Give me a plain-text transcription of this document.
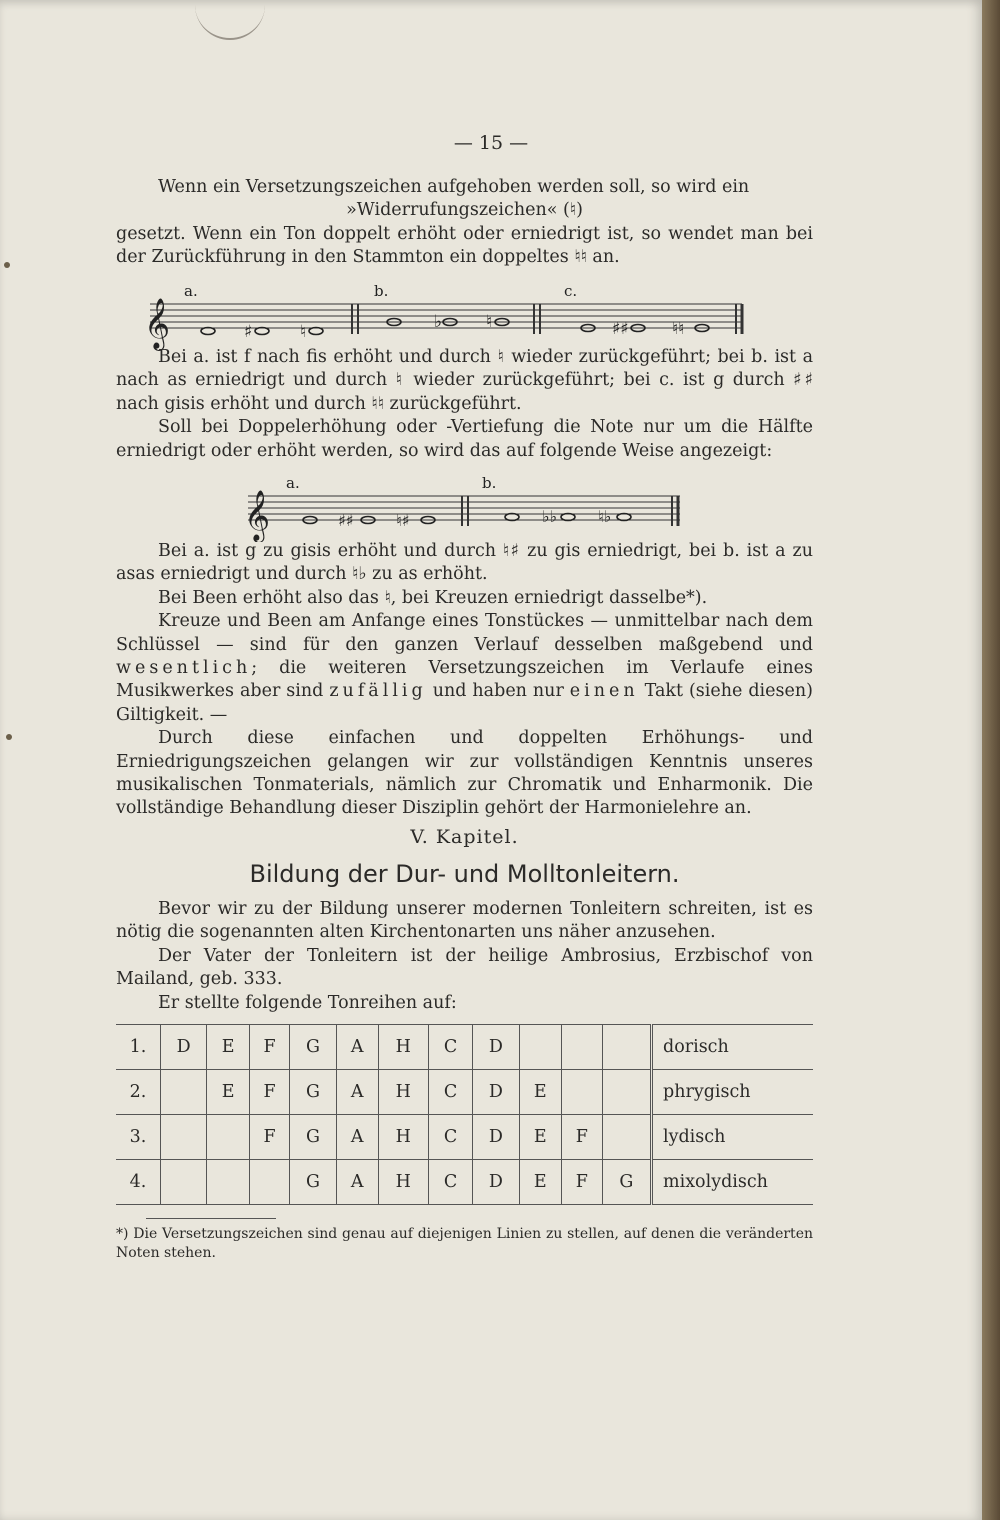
— 15 —

Wenn ein Versetzungszeichen aufgehoben werden soll, so wird ein

»Widerrufungszeichen« (♮)

gesetzt. Wenn ein Ton doppelt erhöht oder erniedrigt ist, so wendet man bei der Zurückführung in den Stammton ein doppeltes ♮♮ an.

𝄞
a.	b.	c.
♯	♮	♭	♮	♯♯	♮♮

Bei a. ist f nach fis erhöht und durch ♮ wieder zurückgeführt; bei b. ist a nach as erniedrigt und durch ♮ wieder zurückgeführt; bei c. ist g durch ♯♯ nach gisis erhöht und durch ♮♮ zurückgeführt.

Soll bei Doppelerhöhung oder -Vertiefung die Note nur um die Hälfte erniedrigt oder erhöht werden, so wird das auf folgende Weise angezeigt:

𝄞
a.	b.
♯♯	♮♯	♭♭	♮♭

Bei a. ist g zu gisis erhöht und durch ♮♯ zu gis erniedrigt, bei b. ist a zu asas erniedrigt und durch ♮♭ zu as erhöht.

Bei Been erhöht also das ♮, bei Kreuzen erniedrigt dasselbe*).

Kreuze und Been am Anfange eines Tonstückes — unmittelbar nach dem Schlüssel — sind für den ganzen Verlauf desselben maßgebend und wesentlich; die weiteren Versetzungszeichen im Verlaufe eines Musikwerkes aber sind zufällig und haben nur einen Takt (siehe diesen) Giltigkeit. —

Durch diese einfachen und doppelten Erhöhungs- und Erniedrigungszeichen gelangen wir zur vollständigen Kenntnis unseres musikalischen Tonmaterials, nämlich zur Chromatik und Enharmonik. Die vollständige Behandlung dieser Disziplin gehört der Harmonielehre an.

V. Kapitel.
Bildung der Dur- und Molltonleitern.

Bevor wir zu der Bildung unserer modernen Tonleitern schreiten, ist es nötig die sogenannten alten Kirchentonarten uns näher anzusehen.

Der Vater der Tonleitern ist der heilige Ambrosius, Erzbischof von Mailand, geb. 333.

Er stellte folgende Tonreihen auf:

1.	D	E	F	G	A	H	C	D				dorisch
2.		E	F	G	A	H	C	D	E			phrygisch
3.			F	G	A	H	C	D	E	F		lydisch
4.				G	A	H	C	D	E	F	G	mixolydisch
*) Die Versetzungszeichen sind genau auf diejenigen Linien zu stellen, auf denen die veränderten Noten stehen.
